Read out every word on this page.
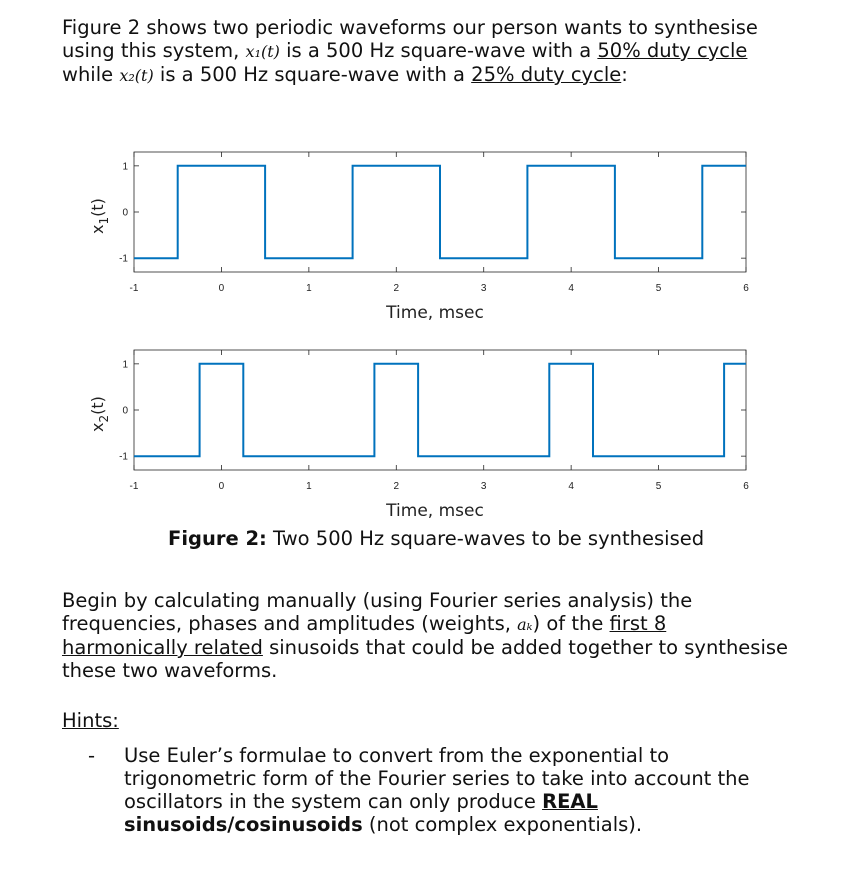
Figure 2 shows two periodic waveforms our person wants to synthesise using this system, x₁(t) is a 500 Hz square-wave with a 50% duty cycle while x₂(t) is a 500 Hz square-wave with a 25% duty cycle:

-1	0	1	2	3	4	5	6
1
0
-1
Time, msec
$x_1(t)$
-1	0	1	2	3	4	5	6
1
0
-1
Time, msec
$x_2(t)$

Figure 2: Two 500 Hz square-waves to be synthesised

Begin by calculating manually (using Fourier series analysis) the frequencies, phases and amplitudes (weights, aₖ) of the first 8 harmonically related sinusoids that could be added together to synthesise these two waveforms.

Hints:

- Use Euler’s formulae to convert from the exponential to trigonometric form of the Fourier series to take into account the oscillators in the system can only produce REAL sinusoids/cosinusoids (not complex exponentials).
